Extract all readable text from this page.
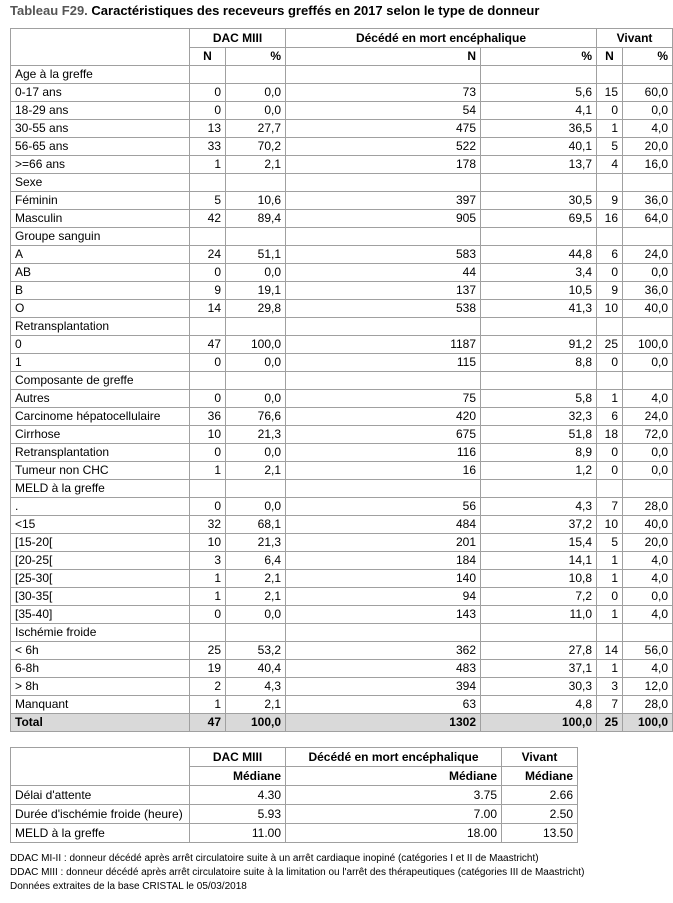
Tableau F29. Caractéristiques des receveurs greffés en 2017 selon le type de donneur
	DAC MIII		Décédé en mort encéphalique		Vivant	
	N	%	N	%	N	%
Age à la greffe						
0-17 ans	0	0,0	73	5,6	15	60,0
18-29 ans	0	0,0	54	4,1	0	0,0
30-55 ans	13	27,7	475	36,5	1	4,0
56-65 ans	33	70,2	522	40,1	5	20,0
>=66 ans	1	2,1	178	13,7	4	16,0
Sexe						
Féminin	5	10,6	397	30,5	9	36,0
Masculin	42	89,4	905	69,5	16	64,0
Groupe sanguin						
A	24	51,1	583	44,8	6	24,0
AB	0	0,0	44	3,4	0	0,0
B	9	19,1	137	10,5	9	36,0
O	14	29,8	538	41,3	10	40,0
Retransplantation						
0	47	100,0	1187	91,2	25	100,0
1	0	0,0	115	8,8	0	0,0
Composante de greffe						
Autres	0	0,0	75	5,8	1	4,0
Carcinome hépatocellulaire	36	76,6	420	32,3	6	24,0
Cirrhose	10	21,3	675	51,8	18	72,0
Retransplantation	0	0,0	116	8,9	0	0,0
Tumeur non CHC	1	2,1	16	1,2	0	0,0
MELD à la greffe						
.	0	0,0	56	4,3	7	28,0
<15	32	68,1	484	37,2	10	40,0
[15-20[	10	21,3	201	15,4	5	20,0
[20-25[	3	6,4	184	14,1	1	4,0
[25-30[	1	2,1	140	10,8	1	4,0
[30-35[	1	2,1	94	7,2	0	0,0
[35-40]	0	0,0	143	11,0	1	4,0
Ischémie froide						
< 6h	25	53,2	362	27,8	14	56,0
6-8h	19	40,4	483	37,1	1	4,0
> 8h	2	4,3	394	30,3	3	12,0
Manquant	1	2,1	63	4,8	7	28,0
Total	47	100,0	1302	100,0	25	100,0
	DAC MIII	Décédé en mort encéphalique	Vivant
	Médiane	Médiane	Médiane
Délai d'attente	4.30	3.75	2.66
Durée d'ischémie froide (heure)	5.93	7.00	2.50
MELD à la greffe	11.00	18.00	13.50
DDAC MI-II : donneur décédé après arrêt circulatoire suite à un arrêt cardiaque inopiné (catégories I et II de Maastricht)
DDAC MIII : donneur décédé après arrêt circulatoire suite à la limitation ou l'arrêt des thérapeutiques (catégories III de Maastricht)
Données extraites de la base CRISTAL le 05/03/2018
